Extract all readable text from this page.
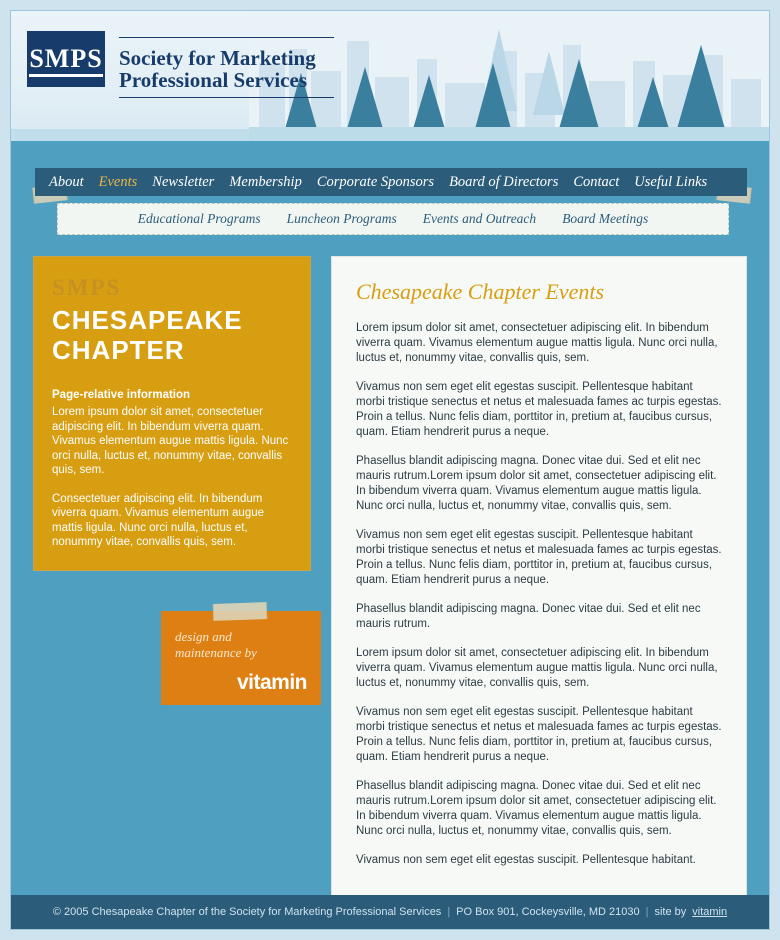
SMPS Society for Marketing
Professional Services
About Events Newsletter Membership Corporate Sponsors Board of Directors Contact Useful Links
Educational Programs Luncheon Programs Events and Outreach Board Meetings
SMPS
CHESAPEAKE
CHAPTER
Page-relative information
Lorem ipsum dolor sit amet, consectetuer adipiscing elit. In bibendum viverra quam. Vivamus elementum augue mattis ligula. Nunc orci nulla, luctus et, nonummy vitae, convallis quis, sem.
Consectetuer adipiscing elit. In bibendum viverra quam. Vivamus elementum augue mattis ligula. Nunc orci nulla, luctus et, nonummy vitae, convallis quis, sem.
design and
maintenance by
vitamin
Chesapeake Chapter Events

Lorem ipsum dolor sit amet, consectetuer adipiscing elit. In bibendum viverra quam. Vivamus elementum augue mattis ligula. Nunc orci nulla, luctus et, nonummy vitae, convallis quis, sem.

Vivamus non sem eget elit egestas suscipit. Pellentesque habitant morbi tristique senectus et netus et malesuada fames ac turpis egestas. Proin a tellus. Nunc felis diam, porttitor in, pretium at, faucibus cursus, quam. Etiam hendrerit purus a neque.

Phasellus blandit adipiscing magna. Donec vitae dui. Sed et elit nec mauris rutrum.Lorem ipsum dolor sit amet, consectetuer adipiscing elit. In bibendum viverra quam. Vivamus elementum augue mattis ligula. Nunc orci nulla, luctus et, nonummy vitae, convallis quis, sem.

Vivamus non sem eget elit egestas suscipit. Pellentesque habitant morbi tristique senectus et netus et malesuada fames ac turpis egestas. Proin a tellus. Nunc felis diam, porttitor in, pretium at, faucibus cursus, quam. Etiam hendrerit purus a neque.

Phasellus blandit adipiscing magna. Donec vitae dui. Sed et elit nec mauris rutrum.

Lorem ipsum dolor sit amet, consectetuer adipiscing elit. In bibendum viverra quam. Vivamus elementum augue mattis ligula. Nunc orci nulla, luctus et, nonummy vitae, convallis quis, sem.

Vivamus non sem eget elit egestas suscipit. Pellentesque habitant morbi tristique senectus et netus et malesuada fames ac turpis egestas. Proin a tellus. Nunc felis diam, porttitor in, pretium at, faucibus cursus, quam. Etiam hendrerit purus a neque.

Phasellus blandit adipiscing magna. Donec vitae dui. Sed et elit nec mauris rutrum.Lorem ipsum dolor sit amet, consectetuer adipiscing elit. In bibendum viverra quam. Vivamus elementum augue mattis ligula. Nunc orci nulla, luctus et, nonummy vitae, convallis quis, sem.

Vivamus non sem eget elit egestas suscipit. Pellentesque habitant.

© 2005 Chesapeake Chapter of the Society for Marketing Professional Services | PO Box 901, Cockeysville, MD 21030 | site by vitamin
